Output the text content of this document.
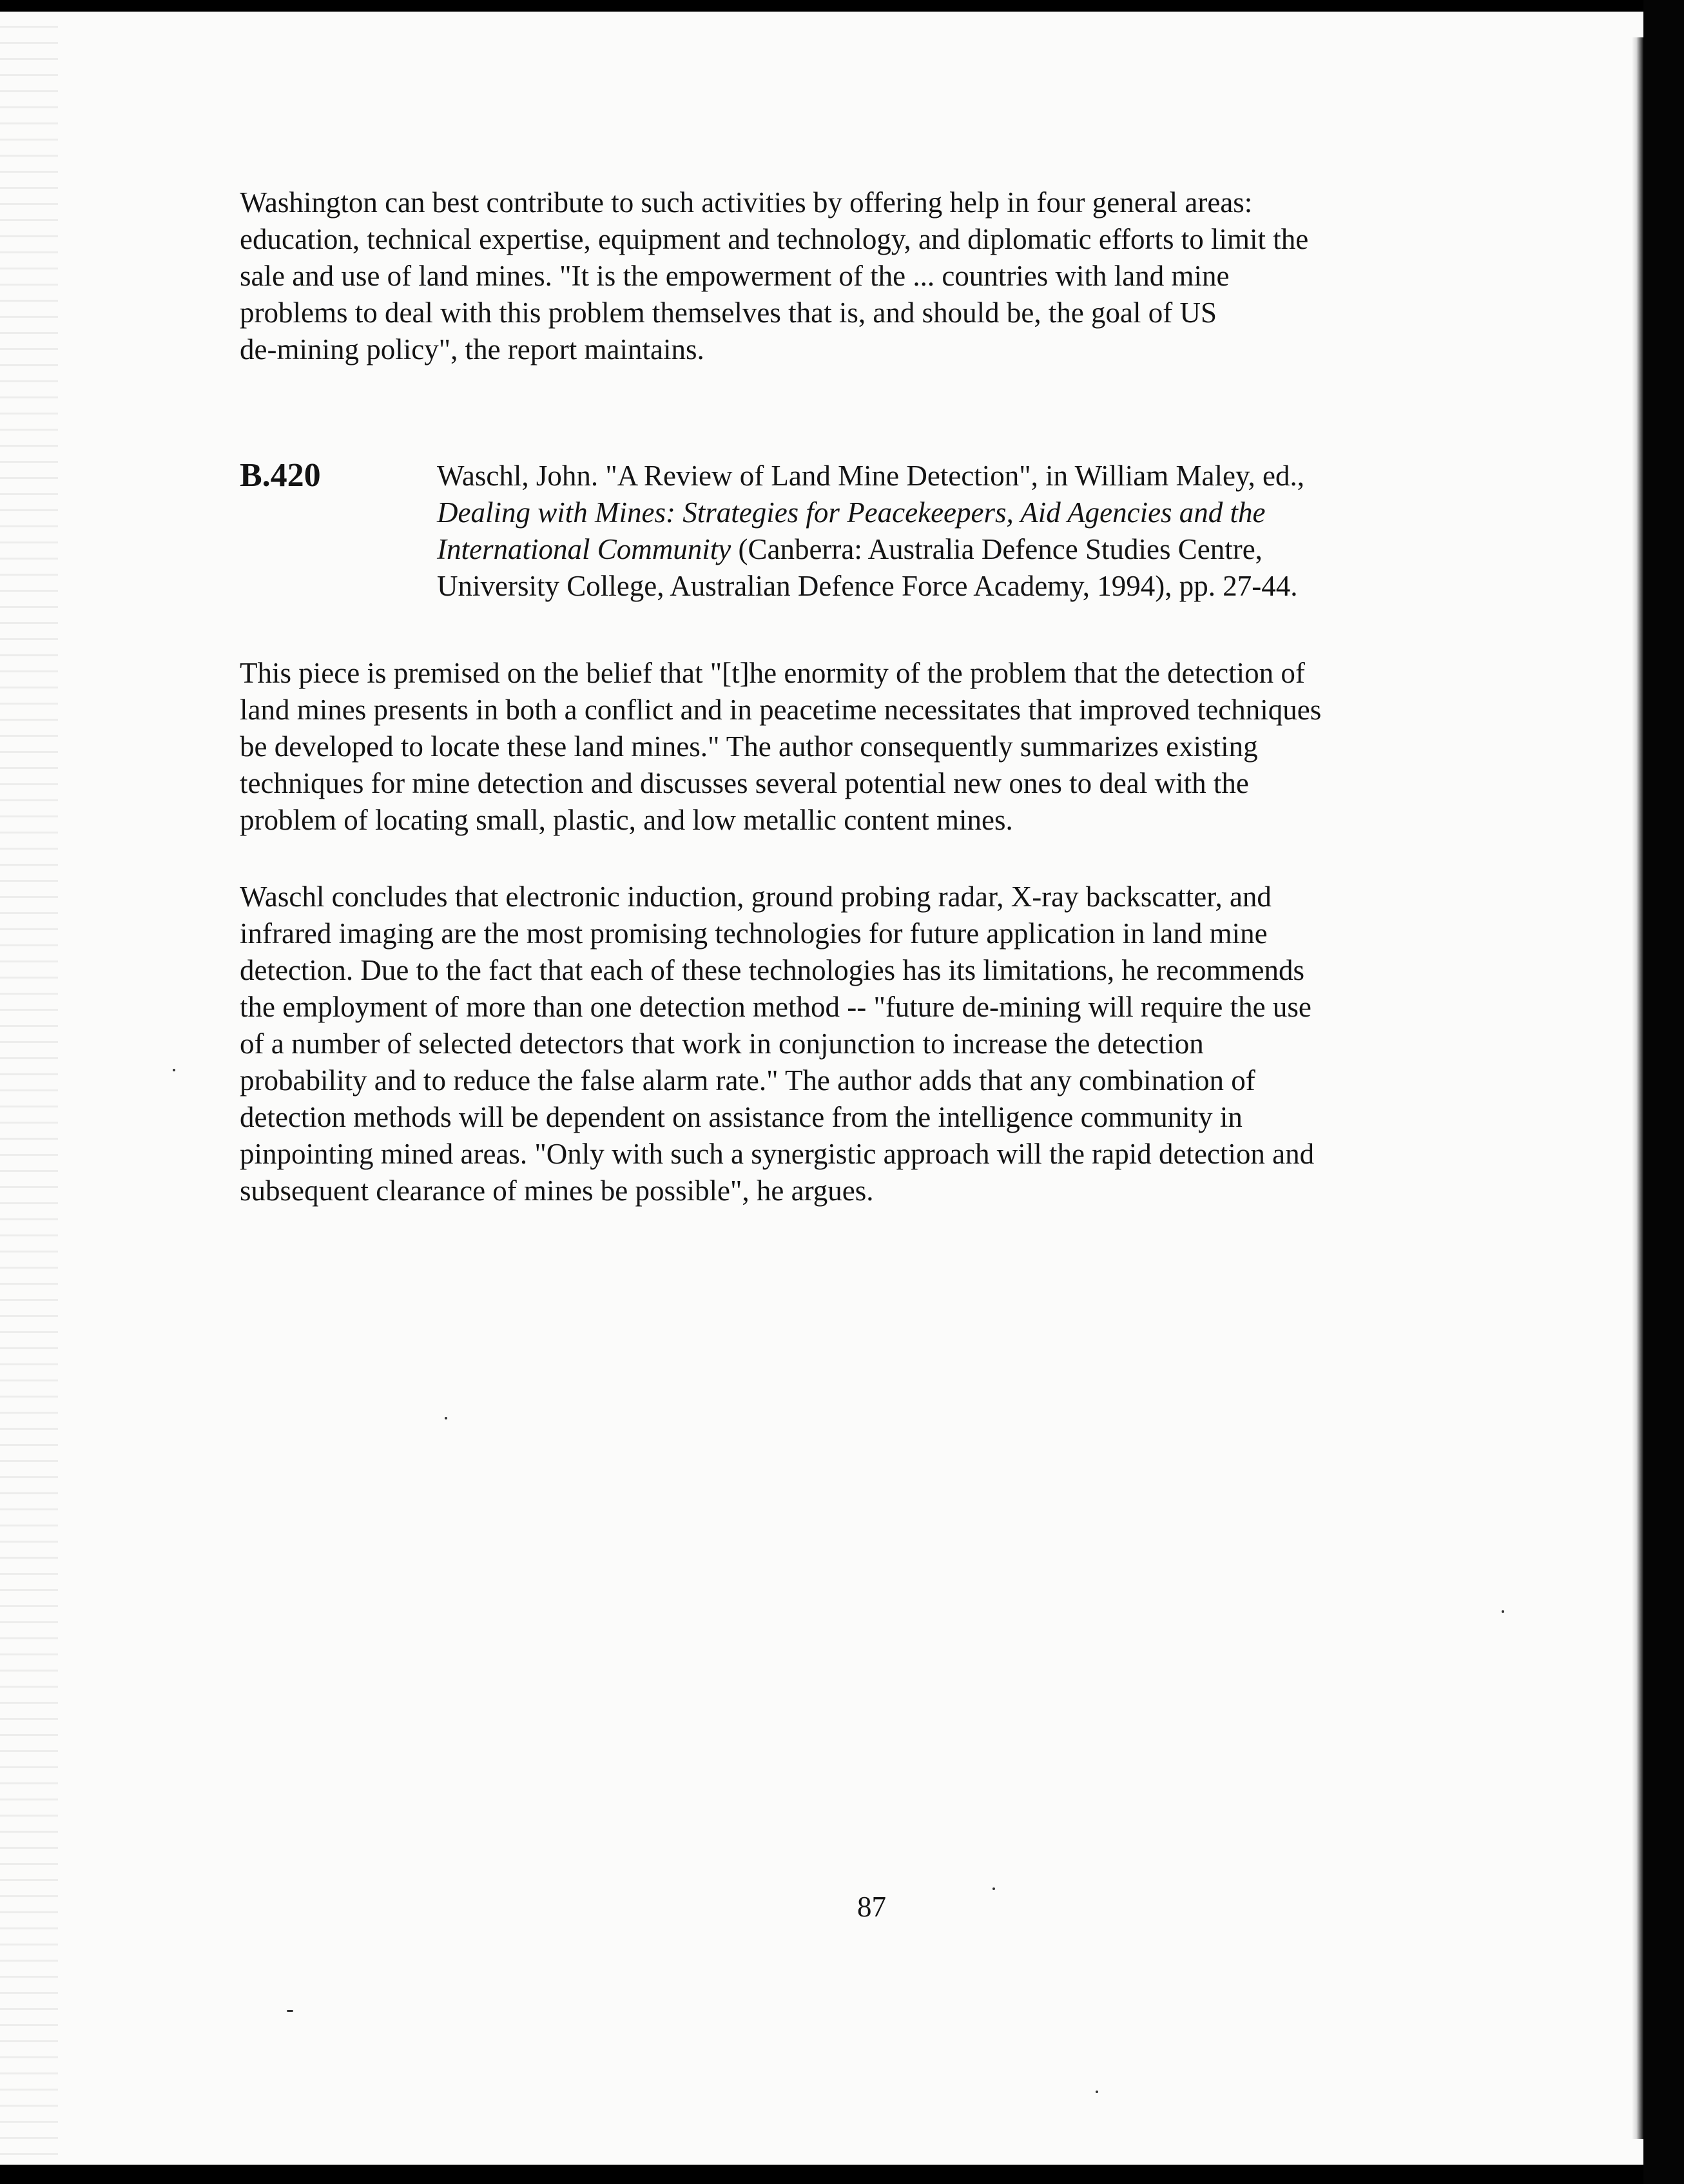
Washington can best contribute to such activities by offering help in four general areas:
education, technical expertise, equipment and technology, and diplomatic efforts to limit the
sale and use of land mines. "It is the empowerment of the ... countries with land mine
problems to deal with this problem themselves that is, and should be, the goal of US
de-mining policy", the report maintains.
B.420	Waschl, John. "A Review of Land Mine Detection", in William Maley, ed.,
Dealing with Mines: Strategies for Peacekeepers, Aid Agencies and the
International Community (Canberra: Australia Defence Studies Centre,
University College, Australian Defence Force Academy, 1994), pp. 27-44.
This piece is premised on the belief that "[t]he enormity of the problem that the detection of
land mines presents in both a conflict and in peacetime necessitates that improved techniques
be developed to locate these land mines." The author consequently summarizes existing
techniques for mine detection and discusses several potential new ones to deal with the
problem of locating small, plastic, and low metallic content mines.
Waschl concludes that electronic induction, ground probing radar, X-ray backscatter, and
infrared imaging are the most promising technologies for future application in land mine
detection. Due to the fact that each of these technologies has its limitations, he recommends
the employment of more than one detection method -- "future de-mining will require the use
of a number of selected detectors that work in conjunction to increase the detection
probability and to reduce the false alarm rate." The author adds that any combination of
detection methods will be dependent on assistance from the intelligence community in
pinpointing mined areas. "Only with such a synergistic approach will the rapid detection and
subsequent clearance of mines be possible", he argues.
87
